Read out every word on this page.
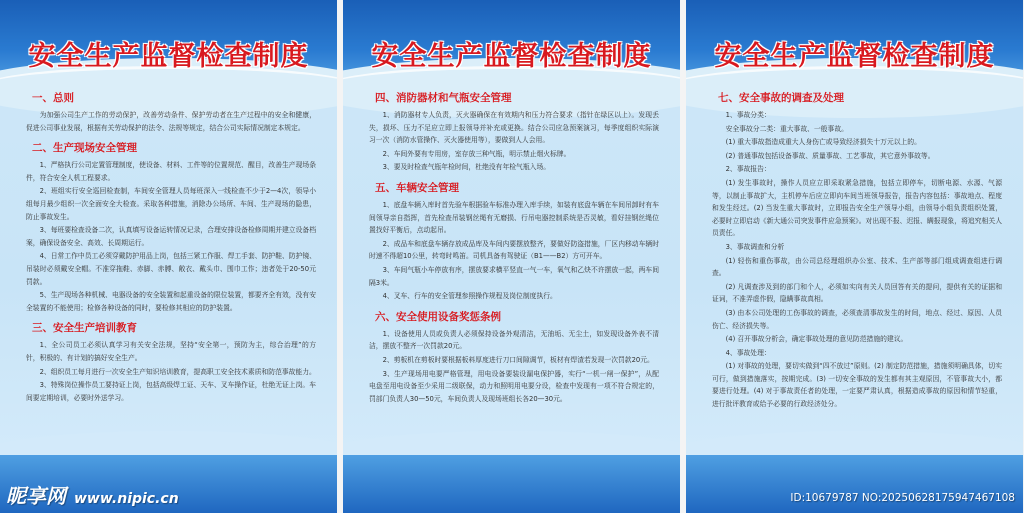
安全生产监督检查制度
一、总则

为加强公司生产工作的劳动保护，改善劳动条件、保护劳动者在生产过程中的安全和健康，促进公司事业发展，根据有关劳动保护的法令、法规等规定，结合公司实际情况制定本规定。

二、生产现场安全管理

1、严格执行公司定置管理制度，使设备、材料、工件等的位置规范、醒目，改善生产现场条件，符合安全人机工程要求。

2、班组实行安全巡回检查制，车间安全管理人员每班深入一线检查不少于2—4次，领导小组每月最少组织一次全面安全大检查。采取各种措施，消除办公场所、车间、生产现场的隐患，防止事故发生。

3、每班要检查设备二次，认真填写设备运转情况记录，合理安排设备检修周期并建立设备档案，确保设备安全、高效、长周期运行。

4、日常工作中员工必须穿戴防护用品上岗，包括三紧工作服、焊工手套、防护鞋、防护镜、吊装时必须戴安全帽。不准穿拖鞋、赤脚、赤膊、敞衣、戴头巾、围巾工作；违者处于20-50元罚款。

5、生产现场各种机械、电器设备的安全装置和起重设备的限位装置，都要齐全有效，没有安全装置的不能使用；检修各种设备的同时，要检修其相应的防护装置。

三、安全生产培训教育

1、全公司员工必须认真学习有关安全法规，坚持“安全第一，预防为主，综合治理”的方针，积极的、有计划的搞好安全生产。

2、组织员工每月进行一次安全生产知识培训教育，提高职工安全技术素质和防范事故能力。

3、特殊岗位操作员工要持证上岗，包括高级焊工证、天车、叉车操作证，杜绝无证上岗。车间要定期培训，必要时外送学习。

昵享网 www.nipic.cn
安全生产监督检查制度
四、消防器材和气瓶安全管理

1、消防器材专人负责，灭火器确保在有效期内和压力符合要求（指针在绿区以上）。发现丢失，损坏、压力不足应立即上报领导并补充或更换。结合公司应急预案演习，每季度组织实际演习一次（消防水管操作、灭火器使用等），要做到人人会用。

2、车间外要有专用房，室存放三种气瓶，明示禁止烟火标牌。

3、要及时检查气瓶年检时间，杜绝没有年检气瓶入场。

五、车辆安全管理

1、底盘车辆入库时首先验车根据验车标准办理入库手续，如装有底盘车辆在车间吊卸时有车间领导亲自指挥，首先检查吊装钢丝绳有无磨损、行吊电器控制系统是否灵敏，看好挂钢丝绳位置找好平衡后，点动起吊。

2、成品车和底盘车辆存放成品库及车间内要摆放整齐，要做好防盗措施，厂区内移动车辆时时速不得超10公里，转弯时鸣笛。司机具备有驾驶证（B1——B2）方可开车。

3、车间气瓶小车停放有序，摆放要求横平竖直一气一车，氧气和乙炔不许摆放一起，两车间隔3米。

4、叉车、行车的安全管理参照操作规程及岗位制度执行。

六、安全使用设备奖惩条例

1、设备使用人员或负责人必须保持设备外观清洁，无油垢、无尘土，如发现设备外表不清洁，摆放不整齐一次罚款20元。

2、剪板机在剪板时要根据板料厚度进行刀口间隙调节，板材有焊渣若发现一次罚款20元。

3、生产现场用电要严格管理，用电设备要装设漏电保护器，实行“一机一闸一保护”，从配电盘至用电设备至少采用二级联保，动力和照明用电要分设，检查中发现有一项不符合规定的，罚部门负责人30—50元，车间负责人及现场班组长各20—30元。

安全生产监督检查制度
七、安全事故的调查及处理

1、事故分类：

安全事故分二类：重大事故、一般事故。

(1) 重大事故指造成重大人身伤亡或导致经济损失十万元以上的。

(2) 普通事故包括设备事故、质量事故、工艺事故，其它意外事故等。

2、事故报告：

(1) 发生事故时，操作人员应立即采取紧急措施，包括立即停车，切断电源、水源、气源等，以制止事故扩大，主机停车后应立即向车间当班领导报告，报告内容包括：事故地点、程度和发生经过。(2) 当发生重大事故时，立即报告安全生产领导小组，由领导小组负责组织处置，必要时立即启动《新大通公司突发事件应急预案》。对出现不报、迟报、瞒报现象，将追究相关人员责任。

3、事故调查和分析

(1) 轻伤和重伤事故，由公司总经理组织办公室、技术、生产部等部门组成调查组进行调查。

(2) 凡调查涉及到的部门和个人，必须如实向有关人员回答有关的提问，提供有关的证据和证词，不准弄虚作假，隐瞒事故真相。

(3) 由本公司处理的工伤事故的调查，必须查清事故发生的时间，地点、经过、原因、人员伤亡、经济损失等。

(4) 召开事故分析会，确定事故处理的意见防范措施的建议。

4、事故处理：

(1) 对事故的处理，要切实做到“四不放过”原则。(2) 制定防范措施，措施须明确具体，切实可行，做到措施落实，按期完成。(3) 一切安全事故的发生都有其主观原因，不管事故大小，都要进行处理。(4) 对于事故责任者的处理，一定要严肃认真，根据造成事故的原因和情节轻重，进行批评教育或给予必要的行政经济处分。

ID:10679787 NO:20250628175947467108
